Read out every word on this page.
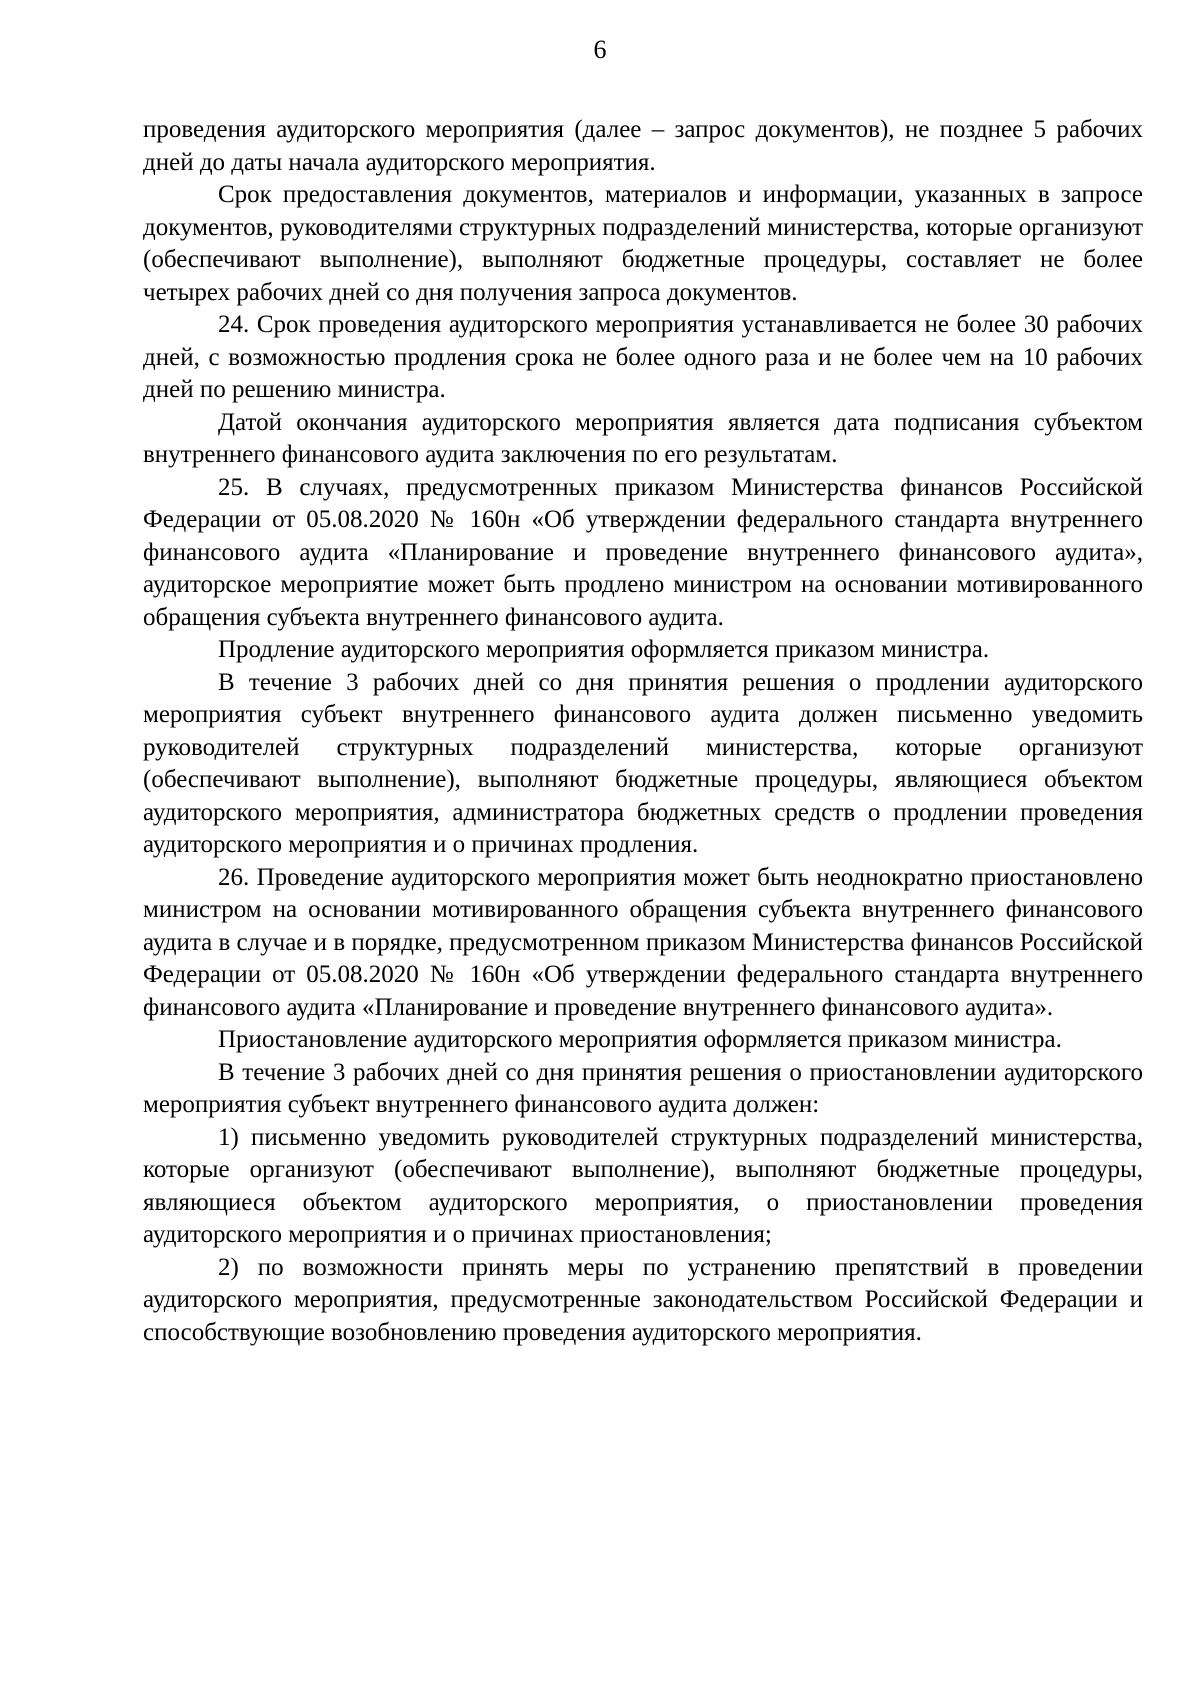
6

проведения аудиторского мероприятия (далее – запрос документов), не позднее 5 рабочих дней до даты начала аудиторского мероприятия.

Срок предоставления документов, материалов и информации, указанных в запросе документов, руководителями структурных подразделений министерства, которые организуют (обеспечивают выполнение), выполняют бюджетные процедуры, составляет не более четырех рабочих дней со дня получения запроса документов.

24. Срок проведения аудиторского мероприятия устанавливается не более 30 рабочих дней, с возможностью продления срока не более одного раза и не более чем на 10 рабочих дней по решению министра.

Датой окончания аудиторского мероприятия является дата подписания субъектом внутреннего финансового аудита заключения по его результатам.

25. В случаях, предусмотренных приказом Министерства финансов Российской Федерации от 05.08.2020 № 160н «Об утверждении федерального стандарта внутреннего финансового аудита «Планирование и проведение внутреннего финансового аудита», аудиторское мероприятие может быть продлено министром на основании мотивированного обращения субъекта внутреннего финансового аудита.

Продление аудиторского мероприятия оформляется приказом министра.

В течение 3 рабочих дней со дня принятия решения о продлении аудиторского мероприятия субъект внутреннего финансового аудита должен письменно уведомить руководителей структурных подразделений министерства, которые организуют (обеспечивают выполнение), выполняют бюджетные процедуры, являющиеся объектом аудиторского мероприятия, администратора бюджетных средств о продлении проведения аудиторского мероприятия и о причинах продления.

26. Проведение аудиторского мероприятия может быть неоднократно приостановлено министром на основании мотивированного обращения субъекта внутреннего финансового аудита в случае и в порядке, предусмотренном приказом Министерства финансов Российской Федерации от 05.08.2020 № 160н «Об утверждении федерального стандарта внутреннего финансового аудита «Планирование и проведение внутреннего финансового аудита».

Приостановление аудиторского мероприятия оформляется приказом министра.

В течение 3 рабочих дней со дня принятия решения о приостановлении аудиторского мероприятия субъект внутреннего финансового аудита должен:

1) письменно уведомить руководителей структурных подразделений министерства, которые организуют (обеспечивают выполнение), выполняют бюджетные процедуры, являющиеся объектом аудиторского мероприятия, о приостановлении проведения аудиторского мероприятия и о причинах приостановления;

2) по возможности принять меры по устранению препятствий в проведении аудиторского мероприятия, предусмотренные законодательством Российской Федерации и способствующие возобновлению проведения аудиторского мероприятия.
